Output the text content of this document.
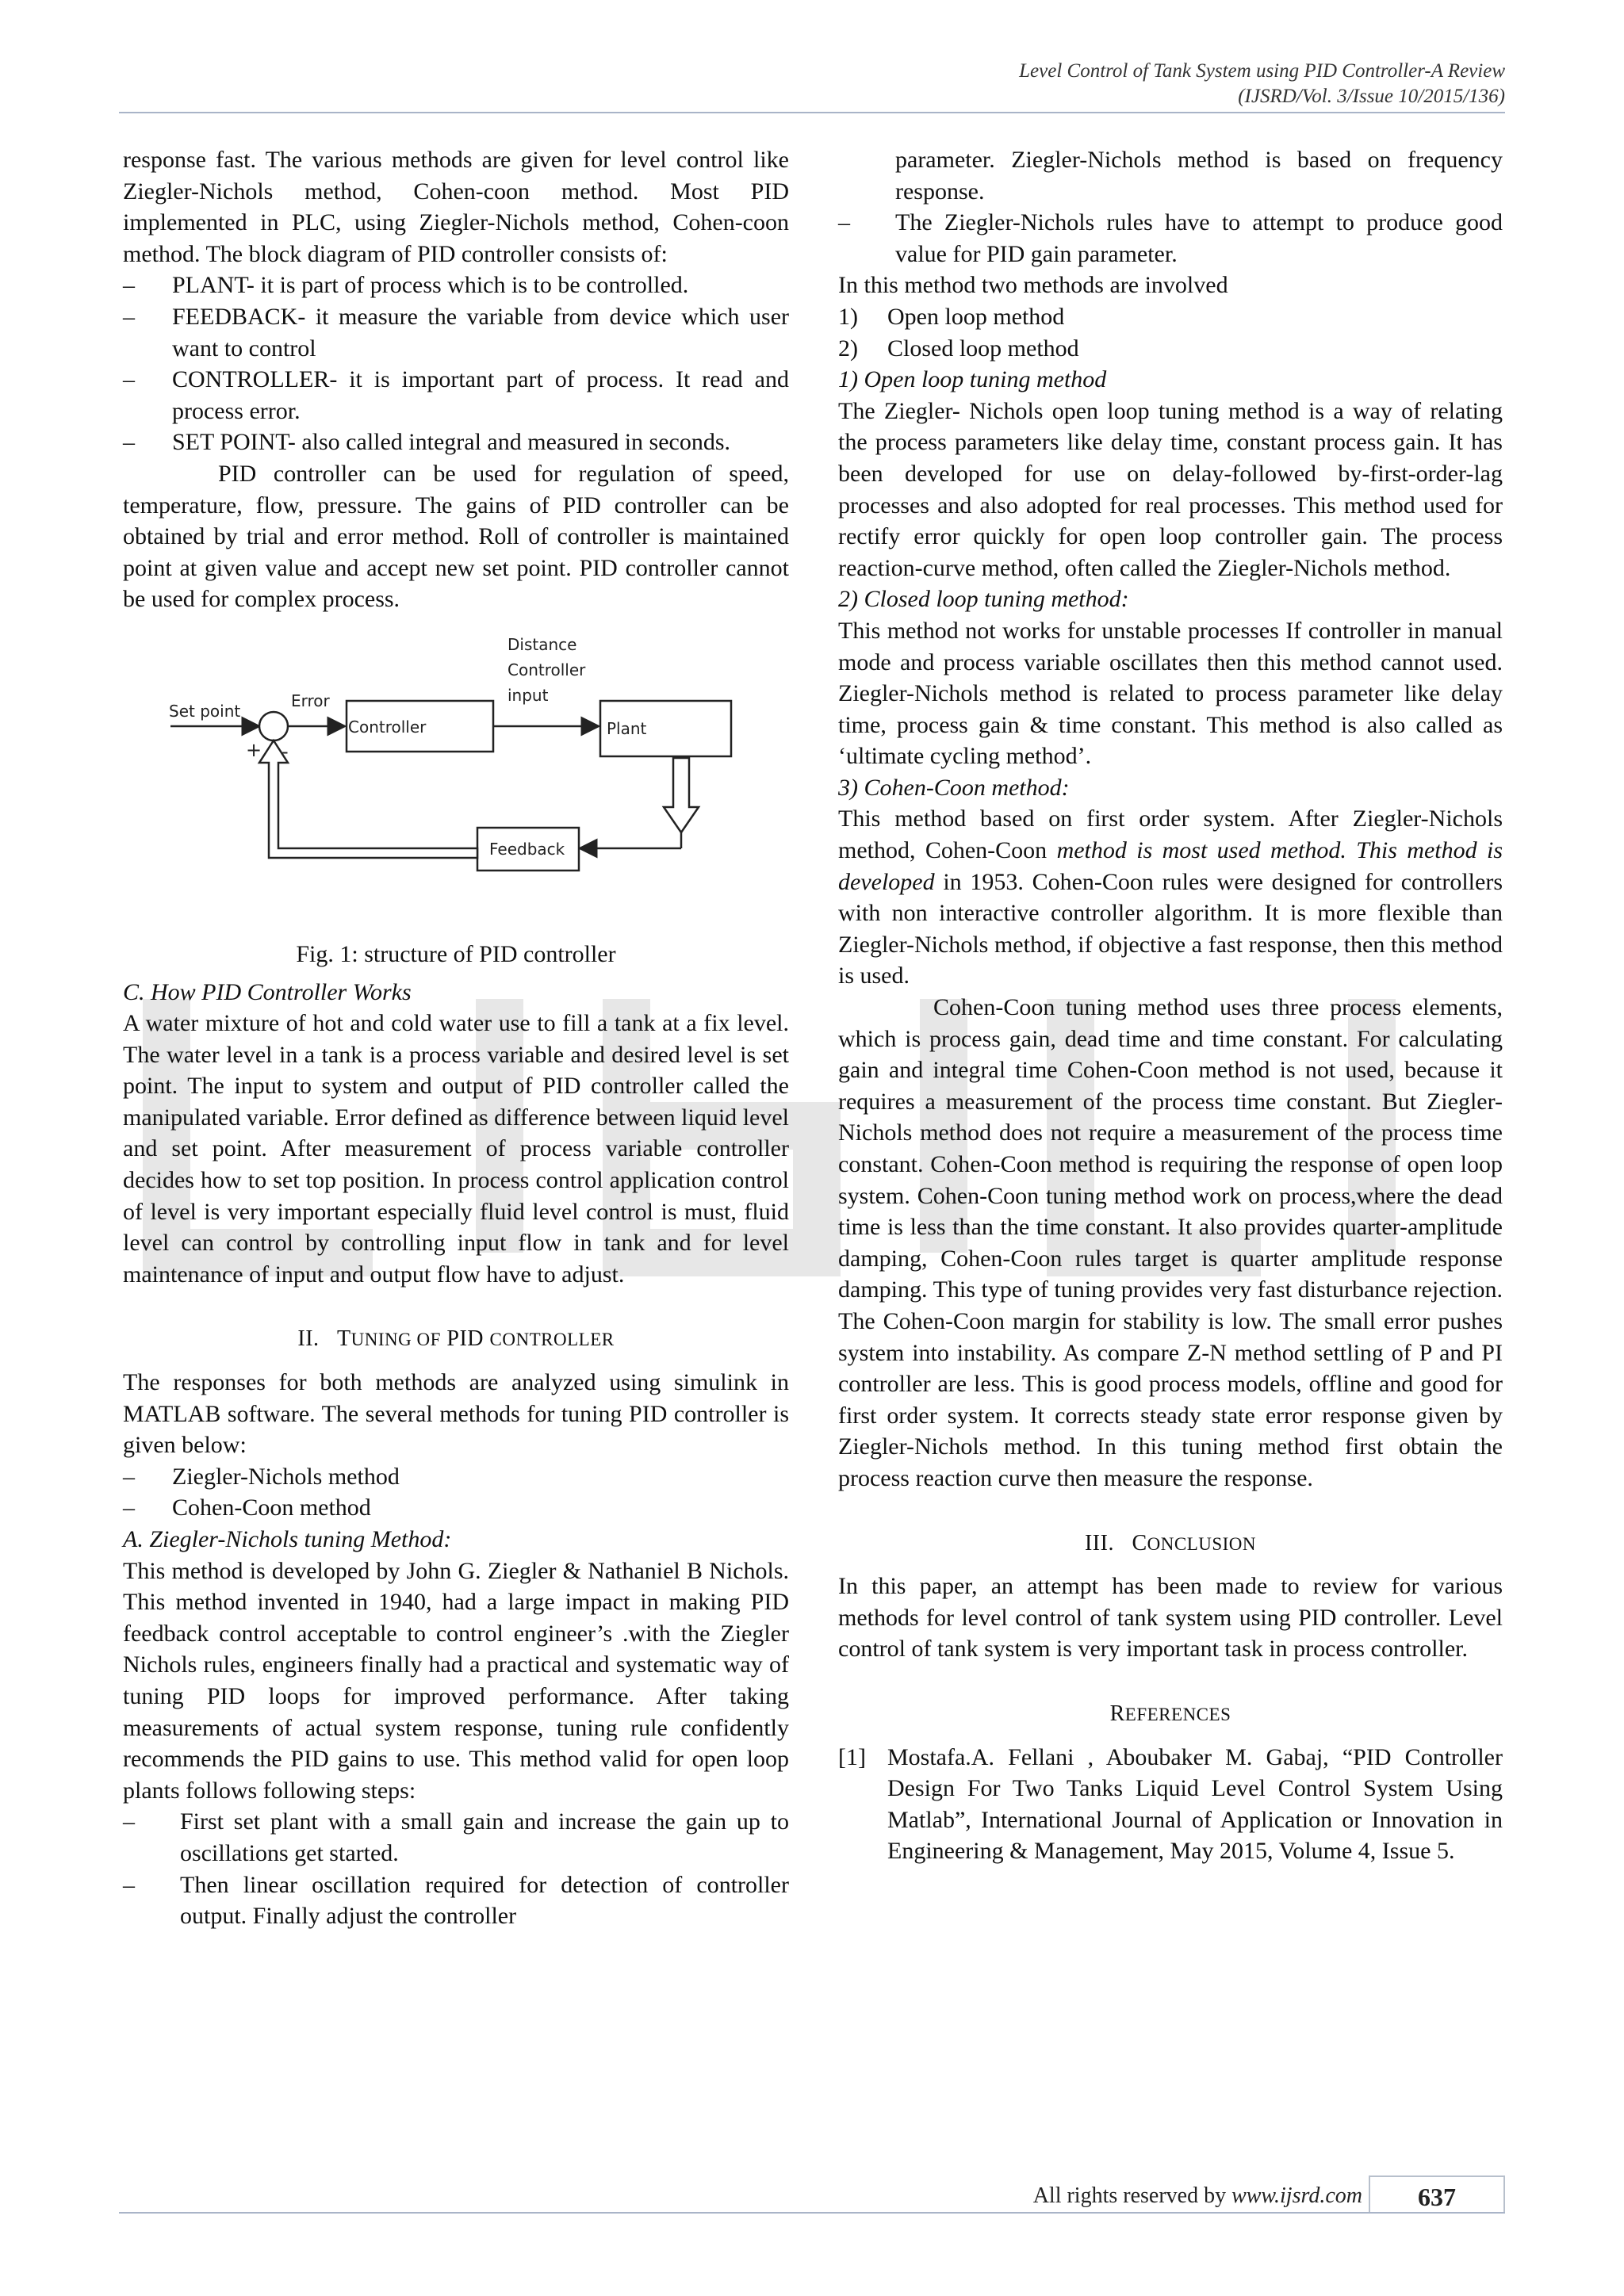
Level Control of Tank System using PID Controller-A Review
(IJSRD/Vol. 3/Issue 10/2015/136)

response fast. The various methods are given for level control like Ziegler-Nichols method, Cohen-coon method. Most PID implemented in PLC, using Ziegler-Nichols method, Cohen-coon method. The block diagram of PID controller consists of:

– PLANT- it is part of process which is to be controlled.
– FEEDBACK- it measure the variable from device which user want to control
– CONTROLLER- it is important part of process. It read and process error.
– SET POINT- also called integral and measured in seconds.

PID controller can be used for regulation of speed, temperature, flow, pressure. The gains of PID controller can be obtained by trial and error method. Roll of controller is maintained point at given value and accept new set point. PID controller cannot be used for complex process.

Set point
+ -
Error
Controller
Distance
Controller
input
Plant
Feedback

Fig. 1: structure of PID controller

C. How PID Controller Works

A water mixture of hot and cold water use to fill a tank at a fix level. The water level in a tank is a process variable and desired level is set point. The input to system and output of PID controller called the manipulated variable. Error defined as difference between liquid level and set point. After measurement of process variable controller decides how to set top position. In process control application control of level is very important especially fluid level control is must, fluid level can control by controlling input flow in tank and for level maintenance of input and output flow have to adjust.

II. TUNING OF PID CONTROLLER

The responses for both methods are analyzed using simulink in MATLAB software. The several methods for tuning PID controller is given below:

– Ziegler-Nichols method
– Cohen-Coon method

A. Ziegler-Nichols tuning Method:

This method is developed by John G. Ziegler & Nathaniel B Nichols. This method invented in 1940, had a large impact in making PID feedback control acceptable to control engineer’s .with the Ziegler Nichols rules, engineers finally had a practical and systematic way of tuning PID loops for improved performance. After taking measurements of actual system response, tuning rule confidently recommends the PID gains to use. This method valid for open loop plants follows following steps:

– First set plant with a small gain and increase the gain up to oscillations get started.
– Then linear oscillation required for detection of controller output. Finally adjust the controller

parameter. Ziegler-Nichols method is based on frequency response.

– The Ziegler-Nichols rules have to attempt to produce good value for PID gain parameter.

In this method two methods are involved

1) Open loop method
2) Closed loop method

1) Open loop tuning method

The Ziegler- Nichols open loop tuning method is a way of relating the process parameters like delay time, constant process gain. It has been developed for use on delay-followed by-first-order-lag processes and also adopted for real processes. This method used for rectify error quickly for open loop controller gain. The process reaction-curve method, often called the Ziegler-Nichols method.

2) Closed loop tuning method:

This method not works for unstable processes If controller in manual mode and process variable oscillates then this method cannot used. Ziegler-Nichols method is related to process parameter like delay time, process gain & time constant. This method is also called as ‘ultimate cycling method’.

3) Cohen-Coon method:

This method based on first order system. After Ziegler-Nichols method, Cohen-Coon method is most used method. This method is developed in 1953. Cohen-Coon rules were designed for controllers with non interactive controller algorithm. It is more flexible than Ziegler-Nichols method, if objective a fast response, then this method is used.

Cohen-Coon tuning method uses three process elements, which is process gain, dead time and time constant. For calculating gain and integral time Cohen-Coon method is not used, because it requires a measurement of the process time constant. But Ziegler-Nichols method does not require a measurement of the process time constant. Cohen-Coon method is requiring the response of open loop system. Cohen-Coon tuning method work on process,where the dead time is less than the time constant. It also provides quarter-amplitude damping, Cohen-Coon rules target is quarter amplitude response damping. This type of tuning provides very fast disturbance rejection. The Cohen-Coon margin for stability is low. The small error pushes system into instability. As compare Z-N method settling of P and PI controller are less. This is good process models, offline and good for first order system. It corrects steady state error response given by Ziegler-Nichols method. In this tuning method first obtain the process reaction curve then measure the response.

III. CONCLUSION

In this paper, an attempt has been made to review for various methods for level control of tank system using PID controller. Level control of tank system is very important task in process controller.

REFERENCES
[1] Mostafa.A. Fellani , Aboubaker M. Gabaj, “PID Controller Design For Two Tanks Liquid Level Control System Using Matlab”, International Journal of Application or Innovation in Engineering & Management, May 2015, Volume 4, Issue 5.
All rights reserved by www.ijsrd.com	637
